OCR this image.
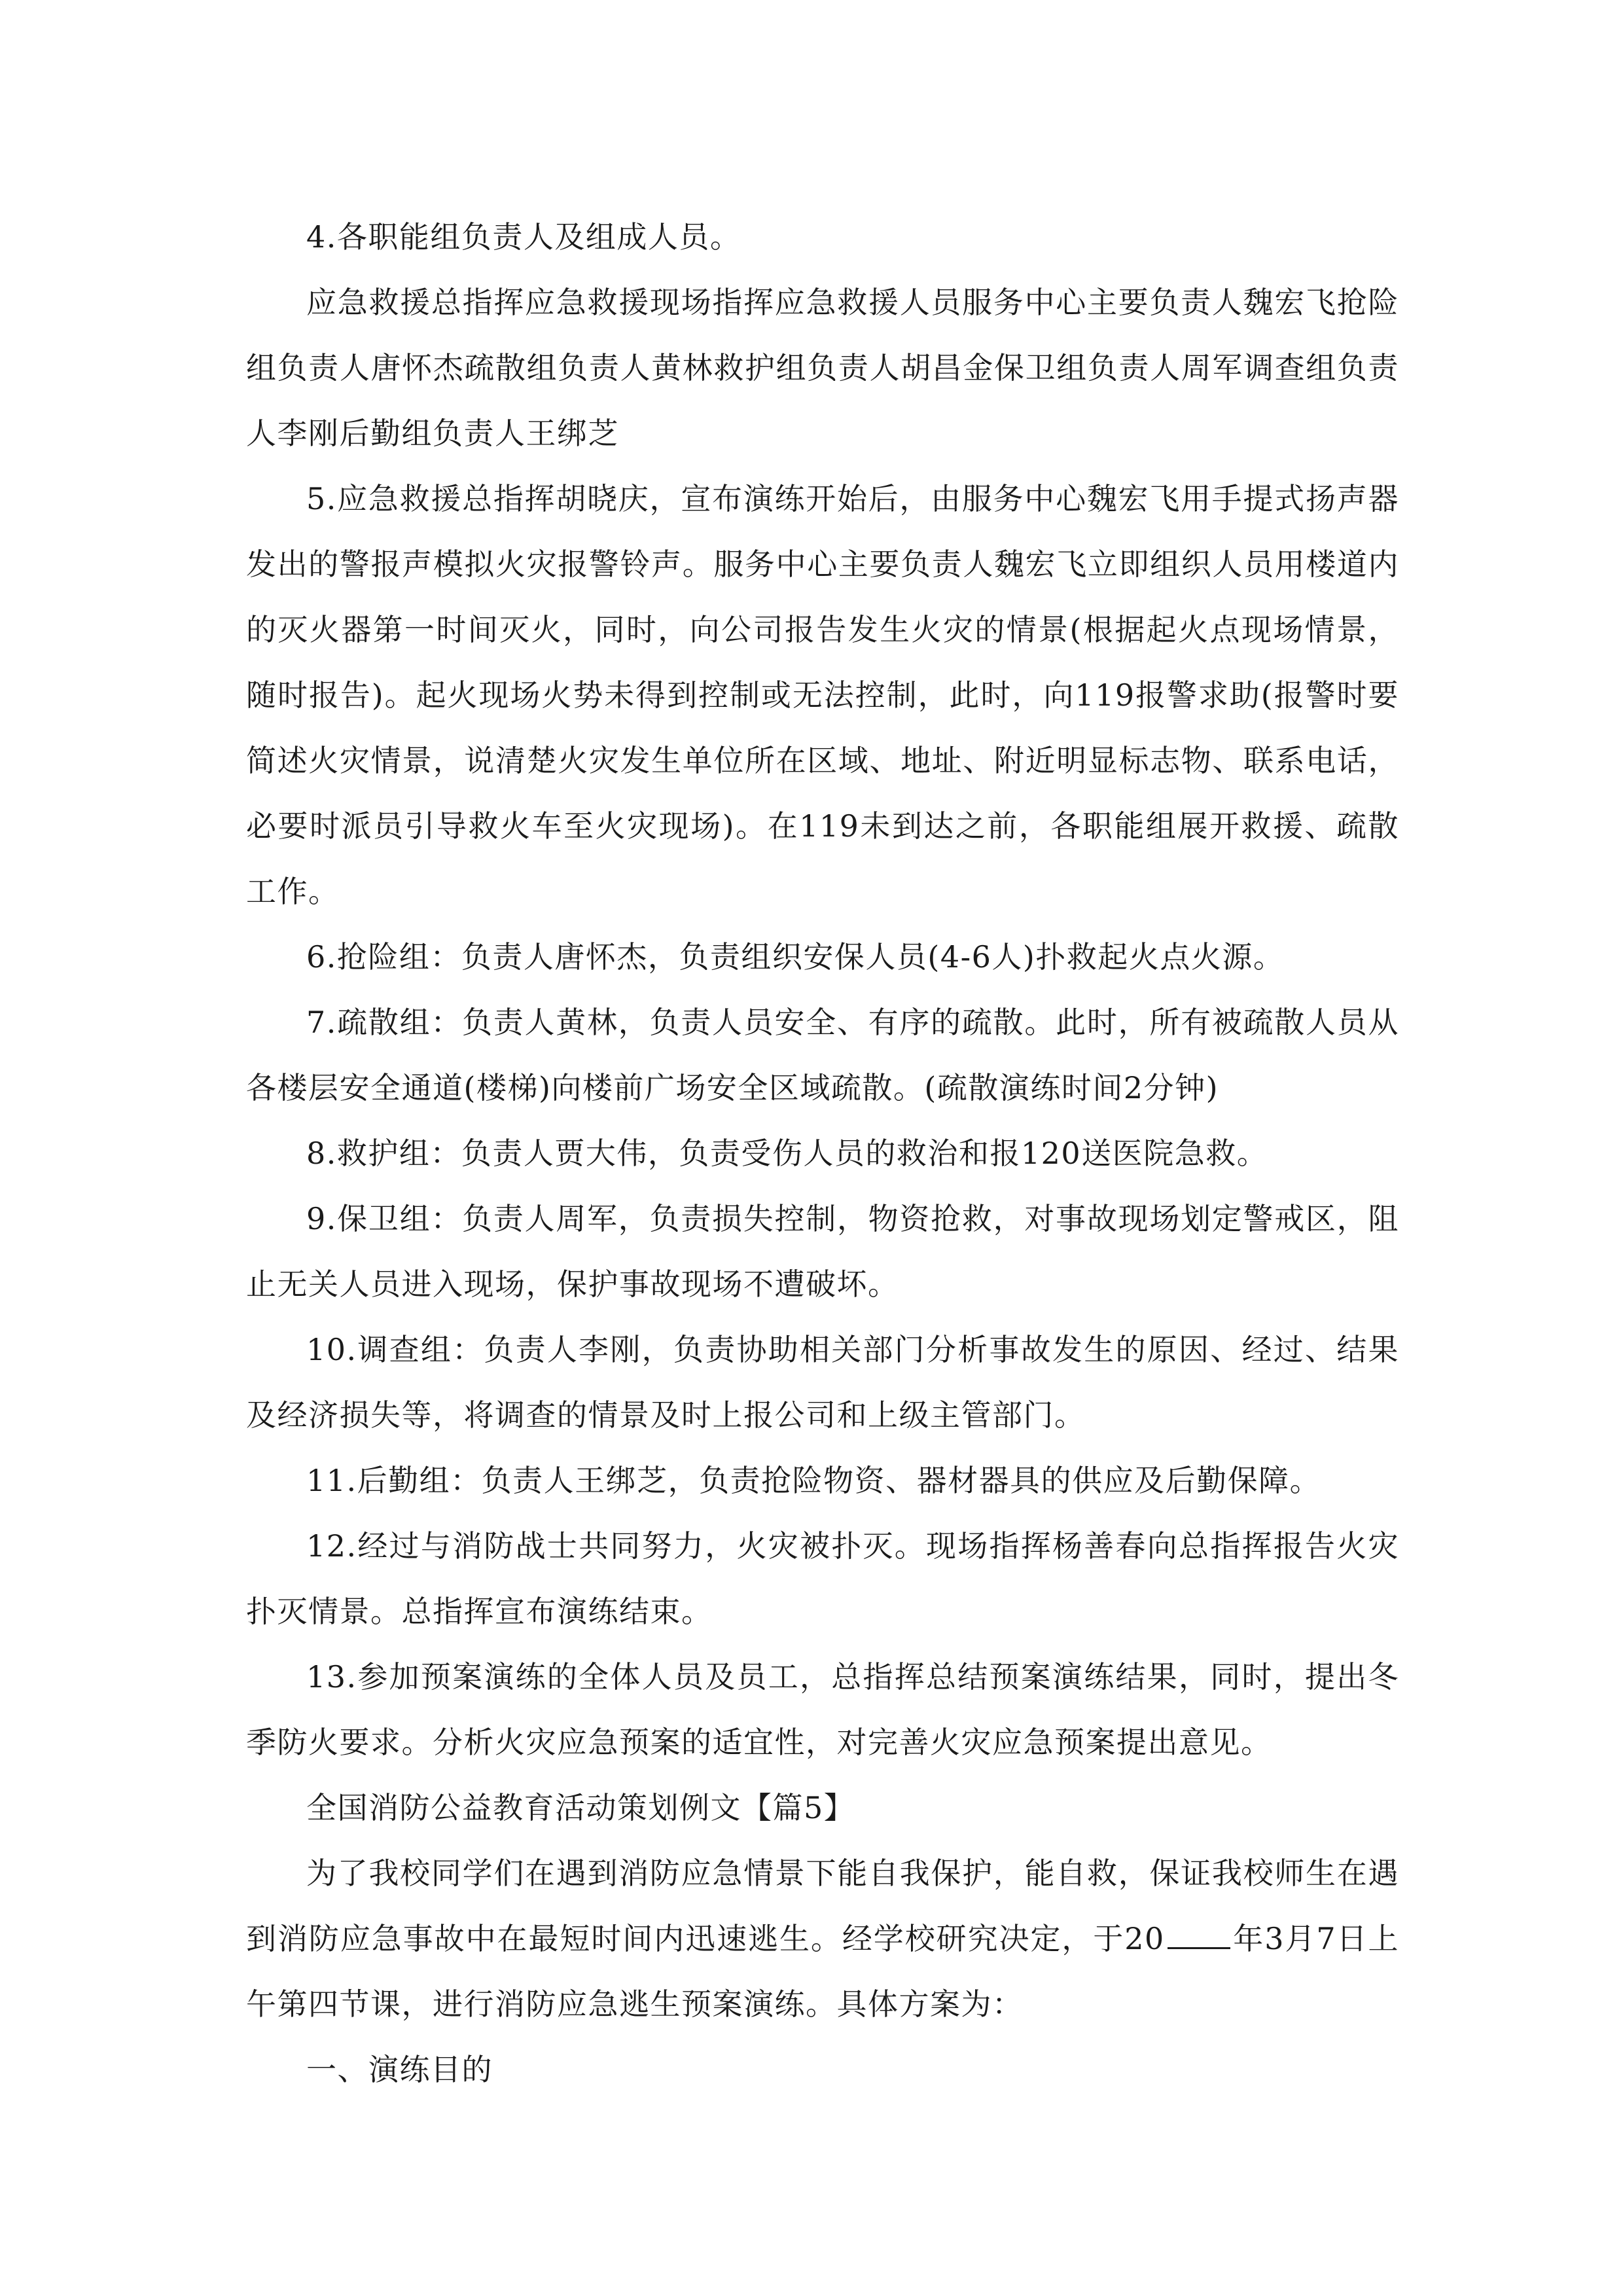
4.各职能组负责人及组成人员。

应急救援总指挥应急救援现场指挥应急救援人员服务中心主要负责人魏宏飞抢险组负责人唐怀杰疏散组负责人黄林救护组负责人胡昌金保卫组负责人周军调查组负责人李刚后勤组负责人王绑芝

5.应急救援总指挥胡晓庆，宣布演练开始后，由服务中心魏宏飞用手提式扬声器发出的警报声模拟火灾报警铃声。服务中心主要负责人魏宏飞立即组织人员用楼道内的灭火器第一时间灭火，同时，向公司报告发生火灾的情景(根据起火点现场情景，随时报告)。起火现场火势未得到控制或无法控制，此时，向119报警求助(报警时要简述火灾情景，说清楚火灾发生单位所在区域、地址、附近明显标志物、联系电话，必要时派员引导救火车至火灾现场)。在119未到达之前，各职能组展开救援、疏散工作。

6.抢险组：负责人唐怀杰，负责组织安保人员(4-6人)扑救起火点火源。

7.疏散组：负责人黄林，负责人员安全、有序的疏散。此时，所有被疏散人员从各楼层安全通道(楼梯)向楼前广场安全区域疏散。(疏散演练时间2分钟)

8.救护组：负责人贾大伟，负责受伤人员的救治和报120送医院急救。

9.保卫组：负责人周军，负责损失控制，物资抢救，对事故现场划定警戒区，阻止无关人员进入现场，保护事故现场不遭破坏。

10.调查组：负责人李刚，负责协助相关部门分析事故发生的原因、经过、结果及经济损失等，将调查的情景及时上报公司和上级主管部门。

11.后勤组：负责人王绑芝，负责抢险物资、器材器具的供应及后勤保障。

12.经过与消防战士共同努力，火灾被扑灭。现场指挥杨善春向总指挥报告火灾扑灭情景。总指挥宣布演练结束。

13.参加预案演练的全体人员及员工，总指挥总结预案演练结果，同时，提出冬季防火要求。分析火灾应急预案的适宜性，对完善火灾应急预案提出意见。

全国消防公益教育活动策划例文【篇5】

为了我校同学们在遇到消防应急情景下能自我保护，能自救，保证我校师生在遇到消防应急事故中在最短时间内迅速逃生。经学校研究决定，于20 年3月7日上午第四节课，进行消防应急逃生预案演练。具体方案为：

一、演练目的
